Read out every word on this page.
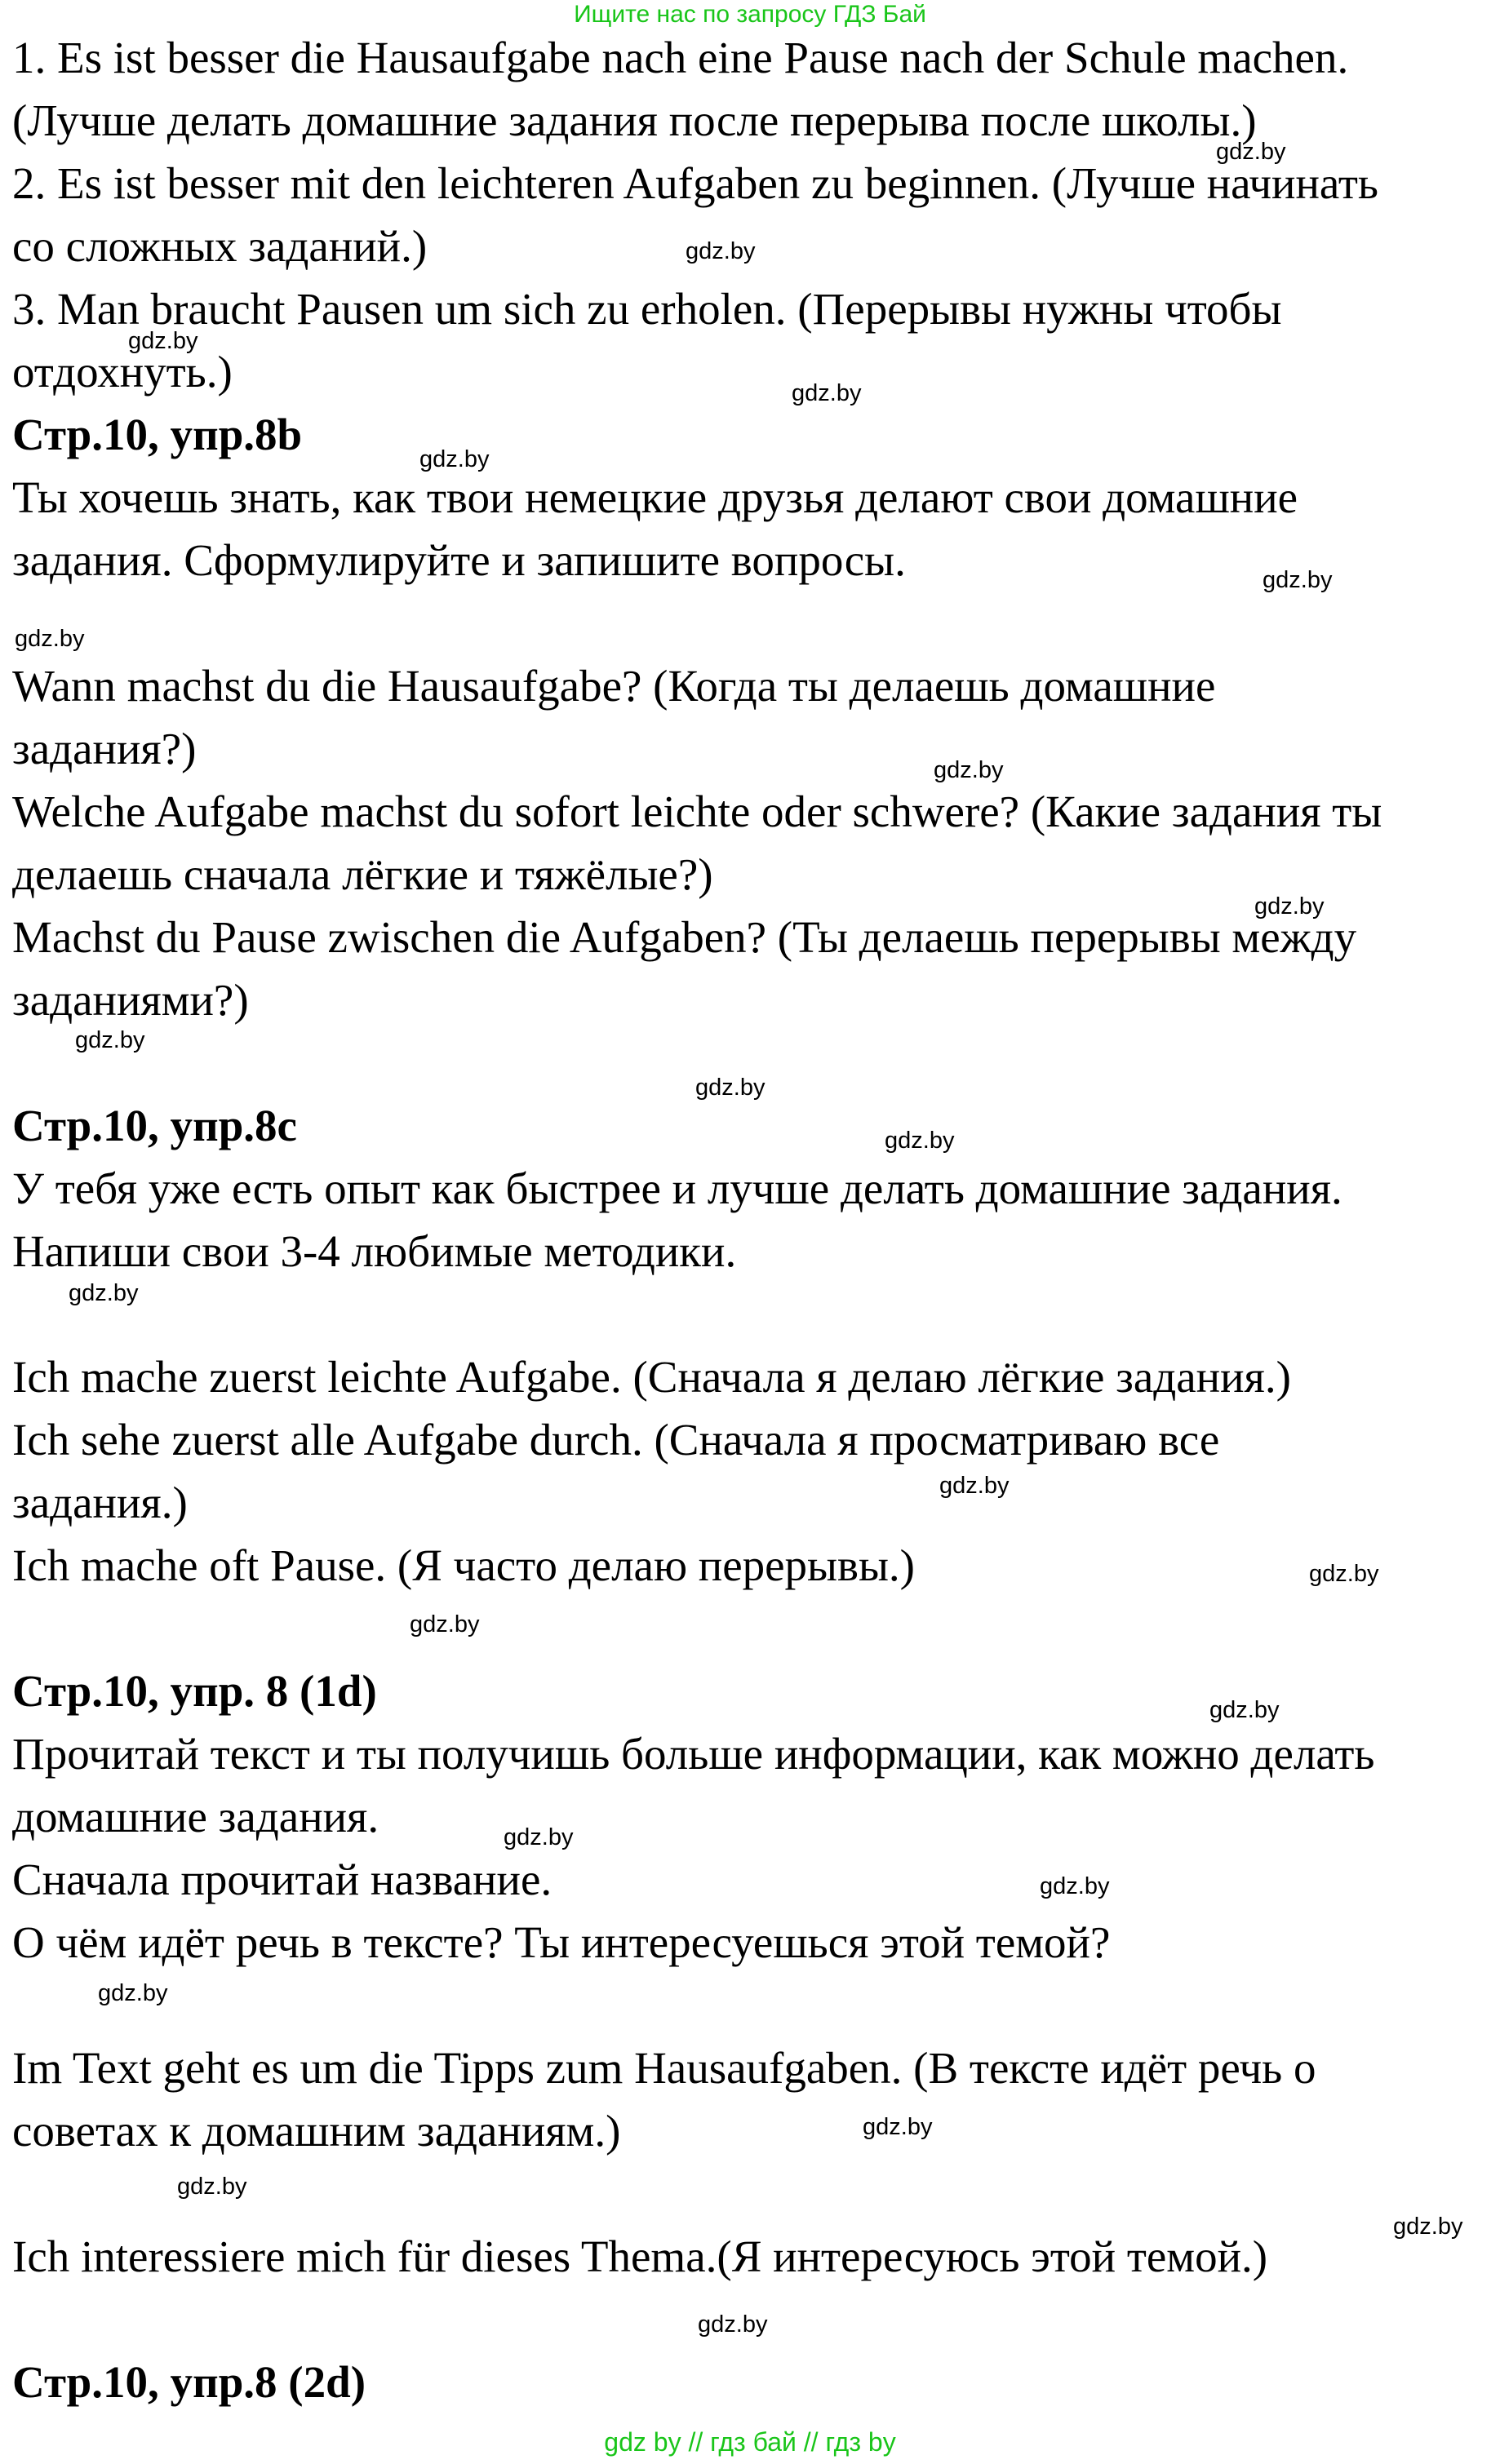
Ищите нас по запросу ГДЗ Бай
1. Es ist besser die Hausaufgabe nach eine Pause nach der Schule machen.
(Лучше делать домашние задания после перерыва после школы.)
2. Es ist besser mit den leichteren Aufgaben zu beginnen. (Лучше начинать
со сложных заданий.)
3. Man braucht Pausen um sich zu erholen. (Перерывы нужны чтобы
отдохнуть.)
Стр.10, упр.8b
Ты хочешь знать, как твои немецкие друзья делают свои домашние
задания. Сформулируйте и запишите вопросы.
Wann machst du die Hausaufgabe? (Когда ты делаешь домашние
задания?)
Welche Aufgabe machst du sofort leichte oder schwere? (Какие задания ты
делаешь сначала лёгкие и тяжёлые?)
Machst du Pause zwischen die Aufgaben? (Ты делаешь перерывы между
заданиями?)
Стр.10, упр.8c
У тебя уже есть опыт как быстрее и лучше делать домашние задания.
Напиши свои 3-4 любимые методики.
Ich mache zuerst leichte Aufgabe. (Сначала я делаю лёгкие задания.)
Ich sehe zuerst alle Aufgabe durch. (Сначала я просматриваю все
задания.)
Ich mache oft Pause. (Я часто делаю перерывы.)
Стр.10, упр. 8 (1d)
Прочитай текст и ты получишь больше информации, как можно делать
домашние задания.
Сначала прочитай название.
О чём идёт речь в тексте? Ты интересуешься этой темой?
Im Text geht es um die Tipps zum Hausaufgaben. (В тексте идёт речь о
советах к домашним заданиям.)
Ich interessiere mich für dieses Thema.(Я интересуюсь этой темой.)
Стр.10, упр.8 (2d)
gdz.by
gdz.by
gdz.by
gdz.by
gdz.by
gdz.by
gdz.by
gdz.by
gdz.by
gdz.by
gdz.by
gdz.by
gdz.by
gdz.by
gdz.by
gdz.by
gdz.by
gdz.by
gdz.by
gdz.by
gdz.by
gdz.by
gdz.by
gdz.by
gdz by // гдз бай // гдз by
